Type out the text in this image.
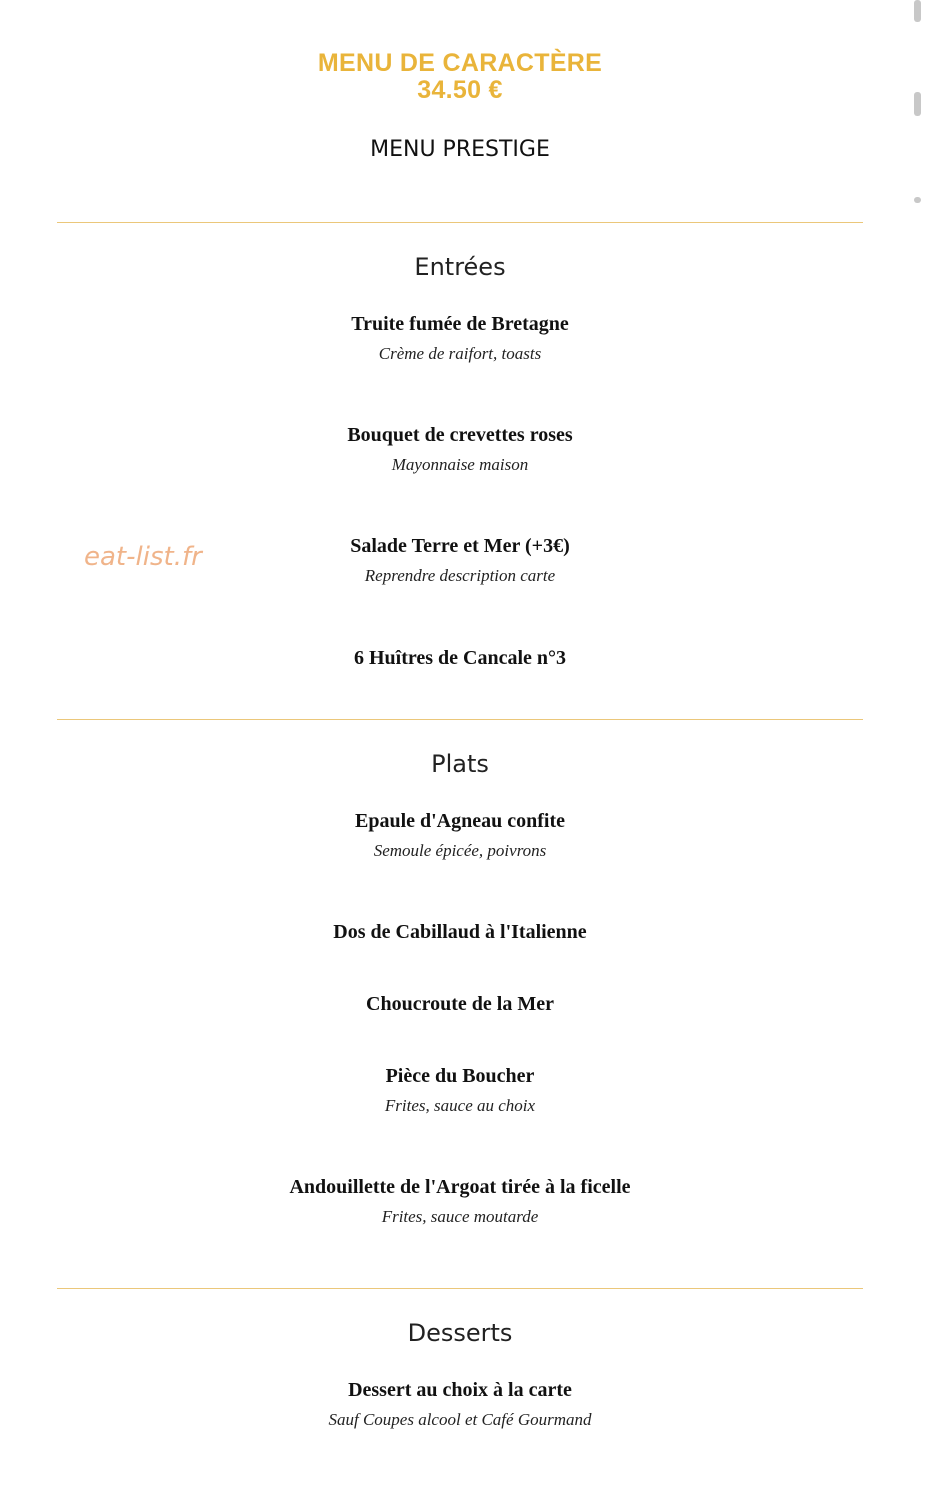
MENU DE CARACTÈRE
34.50 €
MENU PRESTIGE
Entrées
Truite fumée de Bretagne
Crème de raifort, toasts
Bouquet de crevettes roses
Mayonnaise maison
Salade Terre et Mer (+3€)
Reprendre description carte
6 Huîtres de Cancale n°3
Plats
Epaule d'Agneau confite
Semoule épicée, poivrons
Dos de Cabillaud à l'Italienne
Choucroute de la Mer
Pièce du Boucher
Frites, sauce au choix
Andouillette de l'Argoat tirée à la ficelle
Frites, sauce moutarde
Desserts
Dessert au choix à la carte
Sauf Coupes alcool et Café Gourmand
eat-list.fr
